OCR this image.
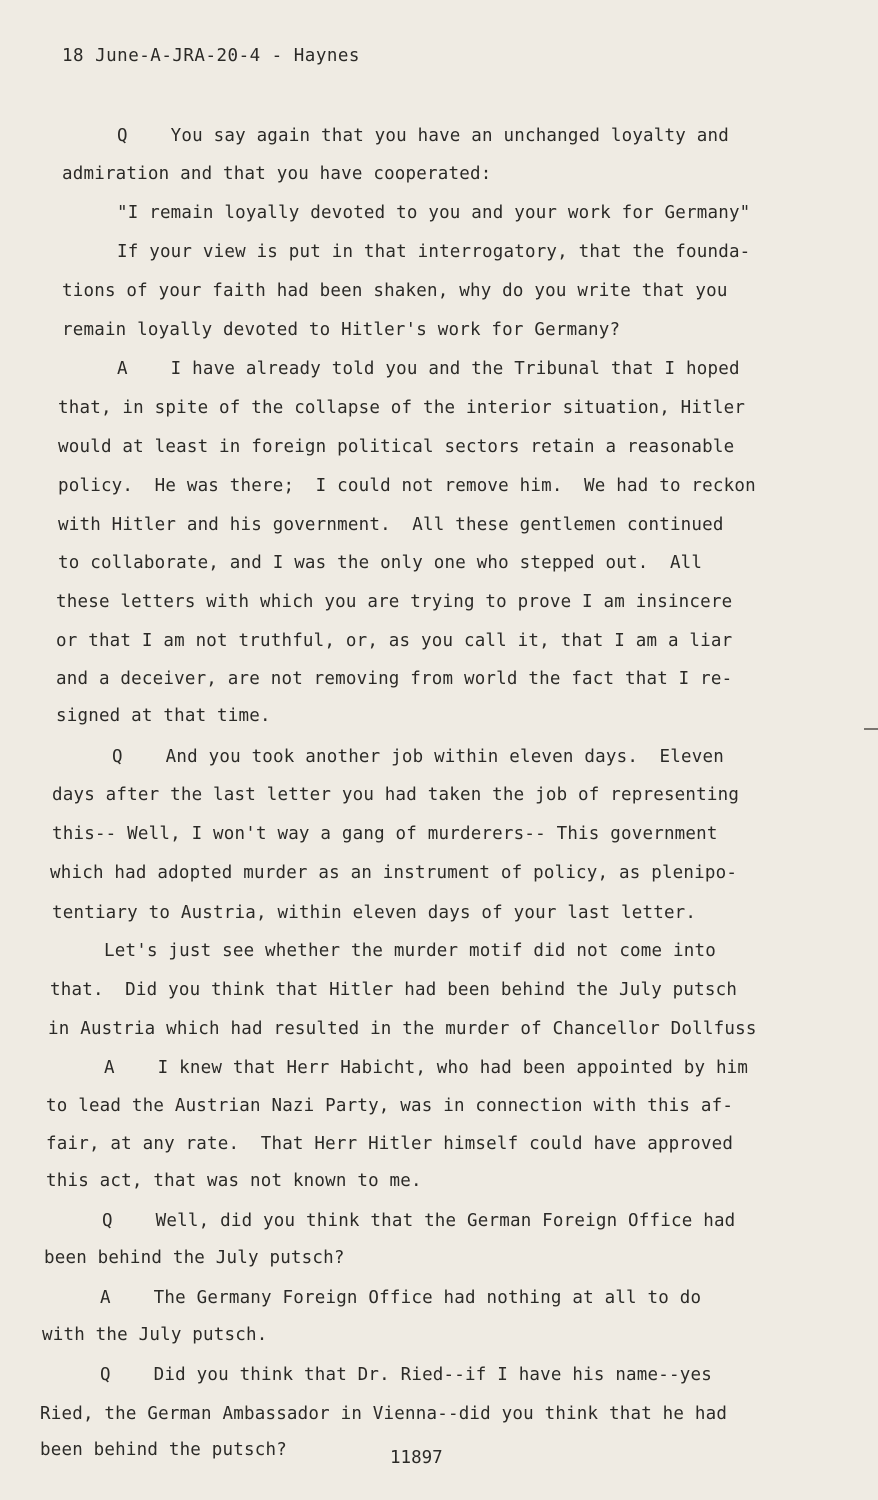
18 June-A-JRA-20-4 - Haynes
Q    You say again that you have an unchanged loyalty and
admiration and that you have cooperated:
"I remain loyally devoted to you and your work for Germany"
If your view is put in that interrogatory, that the founda-
tions of your faith had been shaken, why do you write that you
remain loyally devoted to Hitler's work for Germany?
A    I have already told you and the Tribunal that I hoped
that, in spite of the collapse of the interior situation, Hitler
would at least in foreign political sectors retain a reasonable
policy.  He was there;  I could not remove him.  We had to reckon
with Hitler and his government.  All these gentlemen continued
to collaborate, and I was the only one who stepped out.  All
these letters with which you are trying to prove I am insincere
or that I am not truthful, or, as you call it, that I am a liar
and a deceiver, are not removing from world the fact that I re-
signed at that time.
Q    And you took another job within eleven days.  Eleven
days after the last letter you had taken the job of representing
this-- Well, I won't way a gang of murderers-- This government
which had adopted murder as an instrument of policy, as plenipo-
tentiary to Austria, within eleven days of your last letter.
Let's just see whether the murder motif did not come into
that.  Did you think that Hitler had been behind the July putsch
in Austria which had resulted in the murder of Chancellor Dollfuss
A    I knew that Herr Habicht, who had been appointed by him
to lead the Austrian Nazi Party, was in connection with this af-
fair, at any rate.  That Herr Hitler himself could have approved
this act, that was not known to me.
Q    Well, did you think that the German Foreign Office had
been behind the July putsch?
A    The Germany Foreign Office had nothing at all to do
with the July putsch.
Q    Did you think that Dr. Ried--if I have his name--yes
Ried, the German Ambassador in Vienna--did you think that he had
been behind the putsch?	11897
